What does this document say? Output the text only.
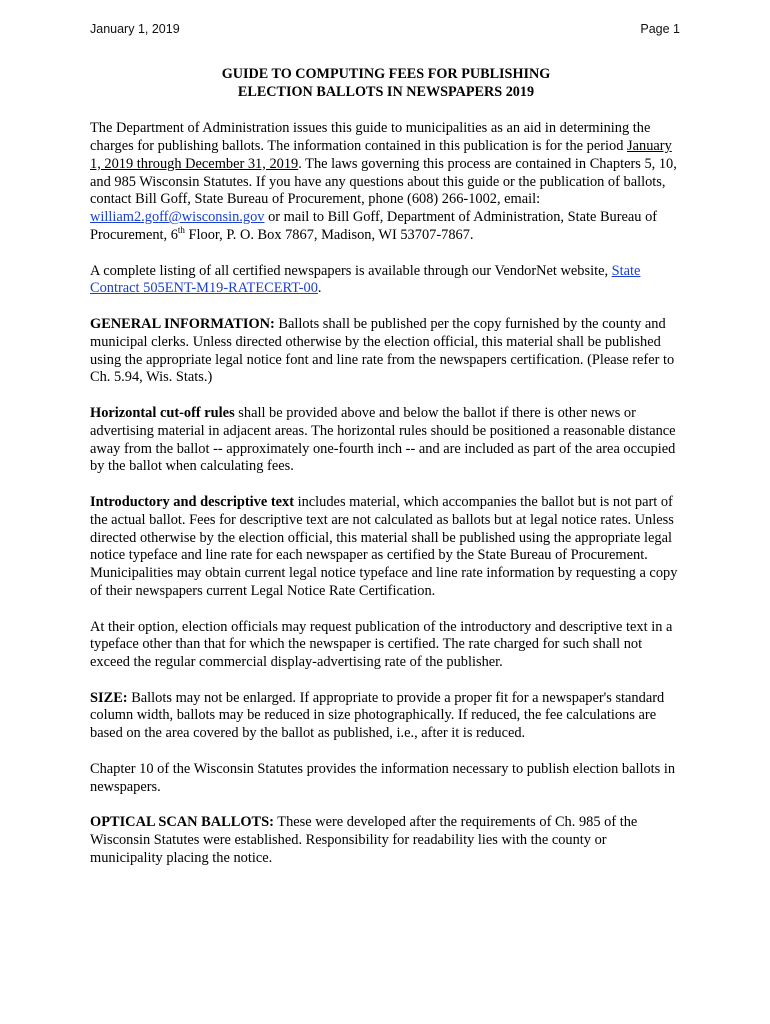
January 1, 2019	Page 1
GUIDE TO COMPUTING FEES FOR PUBLISHING
ELECTION BALLOTS IN NEWSPAPERS 2019

The Department of Administration issues this guide to municipalities as an aid in determining the charges for publishing ballots. The information contained in this publication is for the period January 1, 2019 through December 31, 2019. The laws governing this process are contained in Chapters 5, 10, and 985 Wisconsin Statutes. If you have any questions about this guide or the publication of ballots, contact Bill Goff, State Bureau of Procurement, phone (608) 266-1002, email: william2.goff@wisconsin.gov or mail to Bill Goff, Department of Administration, State Bureau of Procurement, 6th Floor, P. O. Box 7867, Madison, WI 53707-7867.

A complete listing of all certified newspapers is available through our VendorNet website, State Contract 505ENT-M19-RATECERT-00.

GENERAL INFORMATION: Ballots shall be published per the copy furnished by the county and municipal clerks. Unless directed otherwise by the election official, this material shall be published using the appropriate legal notice font and line rate from the newspapers certification. (Please refer to Ch. 5.94, Wis. Stats.)

Horizontal cut-off rules shall be provided above and below the ballot if there is other news or advertising material in adjacent areas. The horizontal rules should be positioned a reasonable distance away from the ballot -- approximately one-fourth inch -- and are included as part of the area occupied by the ballot when calculating fees.

Introductory and descriptive text includes material, which accompanies the ballot but is not part of the actual ballot. Fees for descriptive text are not calculated as ballots but at legal notice rates. Unless directed otherwise by the election official, this material shall be published using the appropriate legal notice typeface and line rate for each newspaper as certified by the State Bureau of Procurement. Municipalities may obtain current legal notice typeface and line rate information by requesting a copy of their newspapers current Legal Notice Rate Certification.

At their option, election officials may request publication of the introductory and descriptive text in a typeface other than that for which the newspaper is certified. The rate charged for such shall not exceed the regular commercial display-advertising rate of the publisher.

SIZE: Ballots may not be enlarged. If appropriate to provide a proper fit for a newspaper's standard column width, ballots may be reduced in size photographically. If reduced, the fee calculations are based on the area covered by the ballot as published, i.e., after it is reduced.

Chapter 10 of the Wisconsin Statutes provides the information necessary to publish election ballots in newspapers.

OPTICAL SCAN BALLOTS: These were developed after the requirements of Ch. 985 of the Wisconsin Statutes were established. Responsibility for readability lies with the county or municipality placing the notice.
